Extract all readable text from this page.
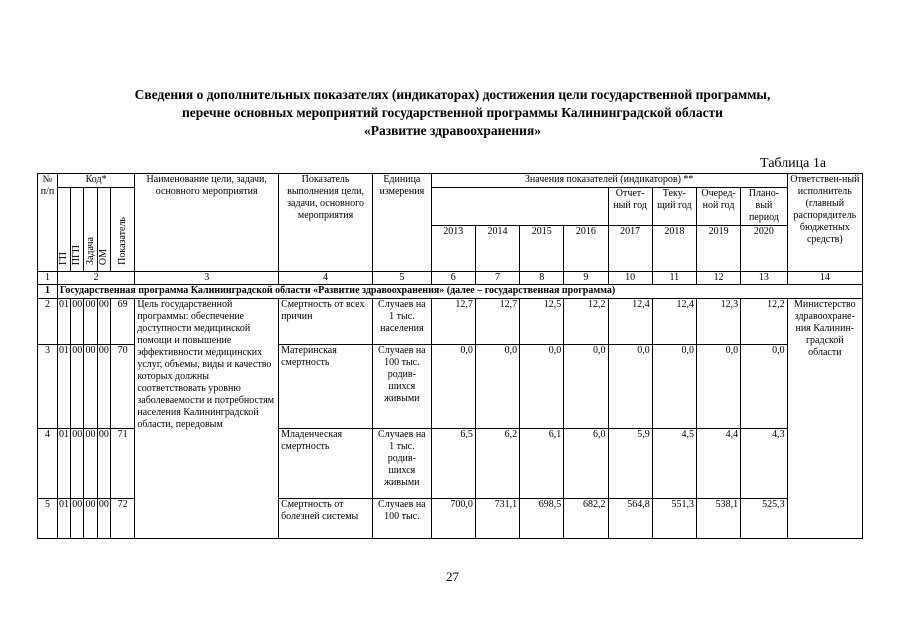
Сведения о дополнительных показателях (индикаторах) достижения цели государственной программы,
перечне основных мероприятий государственной программы Калининградской области
«Развитие здравоохранения»
Таблица 1а
№ п/п	Код*					Наименование цели, задачи, основного мероприятия	Показатель выполнения цели, задачи, основного мероприятия	Единица измерения	Значения показателей (индикаторов) **								Ответствен-ный исполнитель (главный распорядитель бюджетных средств)
	ГП	ПГП	Задача	ОМ	Показатель								Отчет-ный год	Теку-щий год	Очеред-ной год	Плано-вый период	
									2013	2014	2015	2016	2017	2018	2019	2020	
1	2					3	4	5	6	7	8	9	10	11	12	13	14
1	Государственная программа Калининградской области «Развитие здравоохранения» (далее – государственная программа)																
2	01	00	00	00	69	Цель государственной программы: обеспечение доступности медицинской помощи и повышение эффективности медицинских услуг, объемы, виды и качество которых должны соответствовать уровню заболеваемости и потребностям населения Калининградской области, передовым	Смертность от всех причин	Случаев на 1 тыс. населения	12,7	12,7	12,5	12,2	12,4	12,4	12,3	12,2	Министерство здравоохране-ния Калинин-градской области
3	01	00	00	00	70		Материнская смертность	Случаев на 100 тыс. родив-шихся живыми	0,0	0,0	0,0	0,0	0,0	0,0	0,0	0,0	
4	01	00	00	00	71		Младенческая смертность	Случаев на 1 тыс. родив-шихся живыми	6,5	6,2	6,1	6,0	5,9	4,5	4,4	4,3	
5	01	00	00	00	72		Смертность от болезней системы	Случаев на 100 тыс.	700,0	731,1	698,5	682,2	564,8	551,3	538,1	525,3	
27
